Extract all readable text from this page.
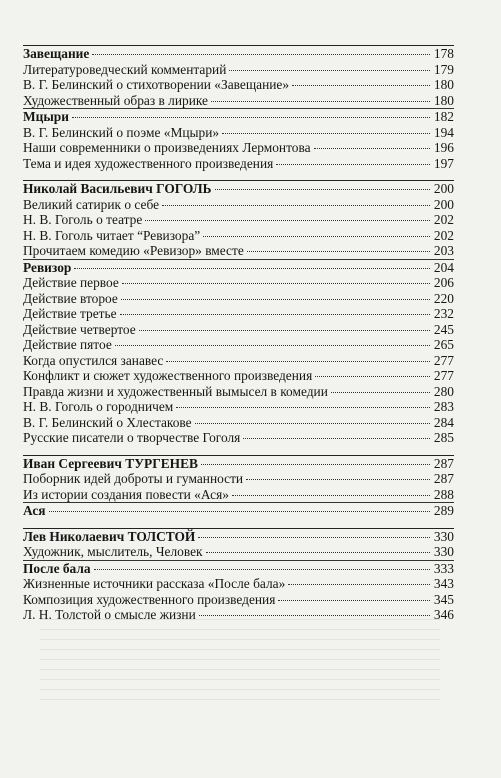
Завещание	178
Литературоведческий комментарий	179
В. Г. Белинский о стихотворении «Завещание»	180
Художественный образ в лирике	180
Мцыри	182
В. Г. Белинский о поэме «Мцыри»	194
Наши современники о произведениях Лермонтова	196
Тема и идея художественного произведения	197
Николай Васильевич ГОГОЛЬ	200
Великий сатирик о себе	200
Н. В. Гоголь о театре	202
Н. В. Гоголь читает “Ревизора”	202
Прочитаем комедию «Ревизор» вместе	203
Ревизор	204
Действие первое	206
Действие второе	220
Действие третье	232
Действие четвертое	245
Действие пятое	265
Когда опустился занавес	277
Конфликт и сюжет художественного произведения	277
Правда жизни и художественный вымысел в комедии	280
Н. В. Гоголь о городничем	283
В. Г. Белинский о Хлестакове	284
Русские писатели о творчестве Гоголя	285
Иван Сергеевич ТУРГЕНЕВ	287
Поборник идей доброты и гуманности	287
Из истории создания повести «Ася»	288
Ася	289
Лев Николаевич ТОЛСТОЙ	330
Художник, мыслитель, Человек	330
После бала	333
Жизненные источники рассказа «После бала»	343
Композиция художественного произведения	345
Л. Н. Толстой о смысле жизни	346
